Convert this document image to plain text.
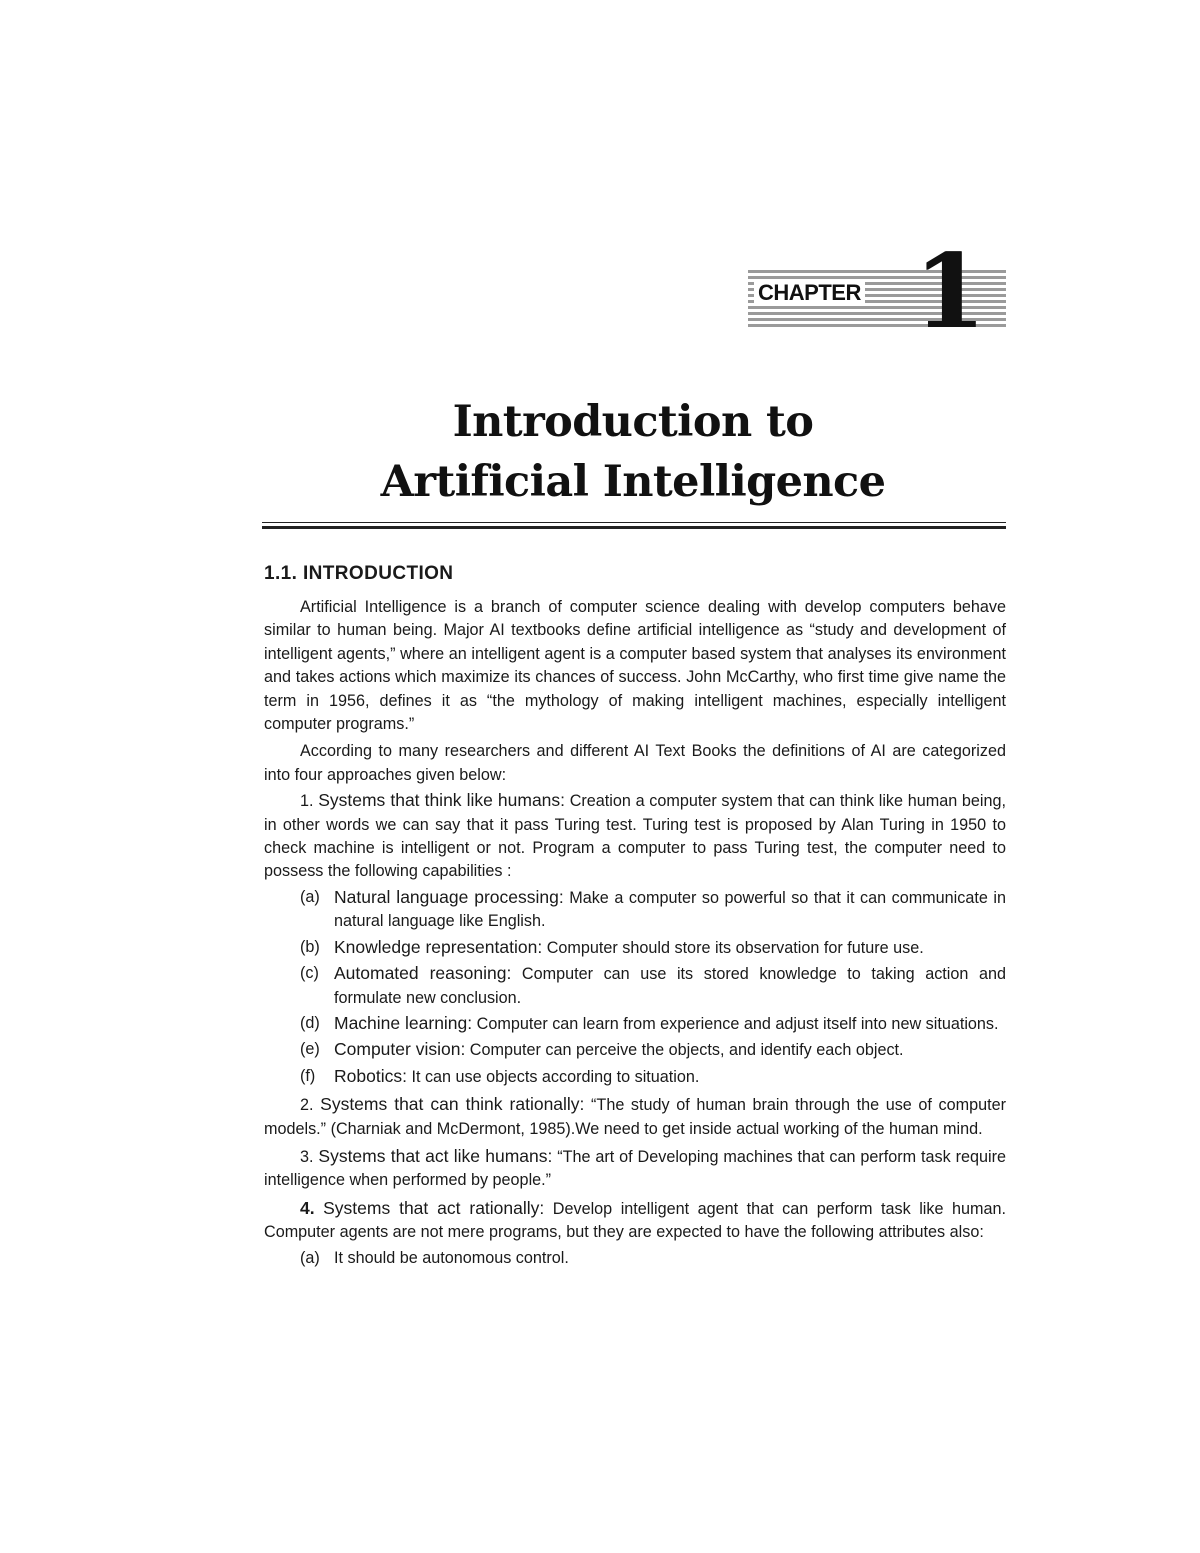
CHAPTER 1
Introduction to
Artificial Intelligence
1.1. INTRODUCTION

Artificial Intelligence is a branch of computer science dealing with develop computers behave similar to human being. Major AI textbooks define artificial intelligence as “study and development of intelligent agents,” where an intelligent agent is a computer based system that analyses its environment and takes actions which maximize its chances of success. John McCarthy, who first time give name the term in 1956, defines it as “the mythology of making intelligent machines, especially intelligent computer programs.”

According to many researchers and different AI Text Books the definitions of AI are categorized into four approaches given below:

1. Systems that think like humans: Creation a computer system that can think like human being, in other words we can say that it pass Turing test. Turing test is proposed by Alan Turing in 1950 to check machine is intelligent or not. Program a computer to pass Turing test, the computer need to possess the following capabilities :

(a) Natural language processing: Make a computer so powerful so that it can communicate in natural language like English.
(b) Knowledge representation: Computer should store its observation for future use.
(c) Automated reasoning: Computer can use its stored knowledge to taking action and formulate new conclusion.
(d) Machine learning: Computer can learn from experience and adjust itself into new situations.
(e) Computer vision: Computer can perceive the objects, and identify each object.
(f)	Robotics: It can use objects according to situation.

2. Systems that can think rationally: “The study of human brain through the use of computer models.” (Charniak and McDermont, 1985).We need to get inside actual working of the human mind.

3. Systems that act like humans: “The art of Developing machines that can perform task require intelligence when performed by people.”

4. Systems that act rationally: Develop intelligent agent that can perform task like human. Computer agents are not mere programs, but they are expected to have the following attributes also:

(a) It should be autonomous control.
